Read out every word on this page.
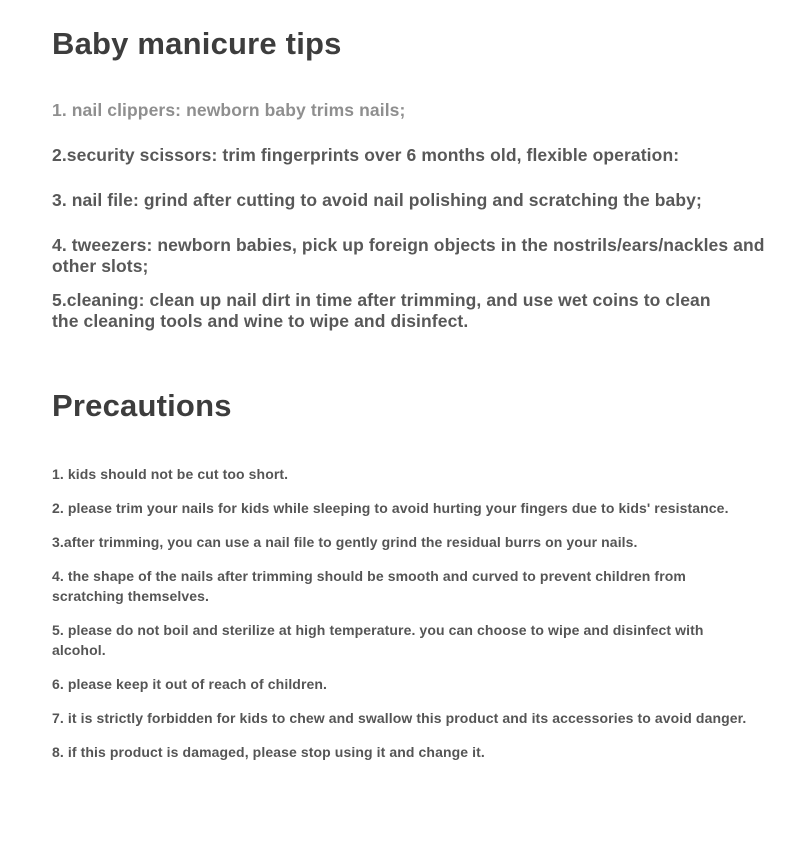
Baby manicure tips

1. nail clippers: newborn baby trims nails;

2.security scissors: trim fingerprints over 6 months old, flexible operation:

3. nail file: grind after cutting to avoid nail polishing and scratching the baby;

4. tweezers: newborn babies, pick up foreign objects in the nostrils/ears/nackles and other slots;

5.cleaning: clean up nail dirt in time after trimming, and use wet coins to clean the cleaning tools and wine to wipe and disinfect.

Precautions

1. kids should not be cut too short.

2. please trim your nails for kids while sleeping to avoid hurting your fingers due to kids' resistance.

3.after trimming, you can use a nail file to gently grind the residual burrs on your nails.

4. the shape of the nails after trimming should be smooth and curved to prevent children from scratching themselves.

5. please do not boil and sterilize at high temperature. you can choose to wipe and disinfect with alcohol.

6. please keep it out of reach of children.

7. it is strictly forbidden for kids to chew and swallow this product and its accessories to avoid danger.

8. if this product is damaged, please stop using it and change it.
